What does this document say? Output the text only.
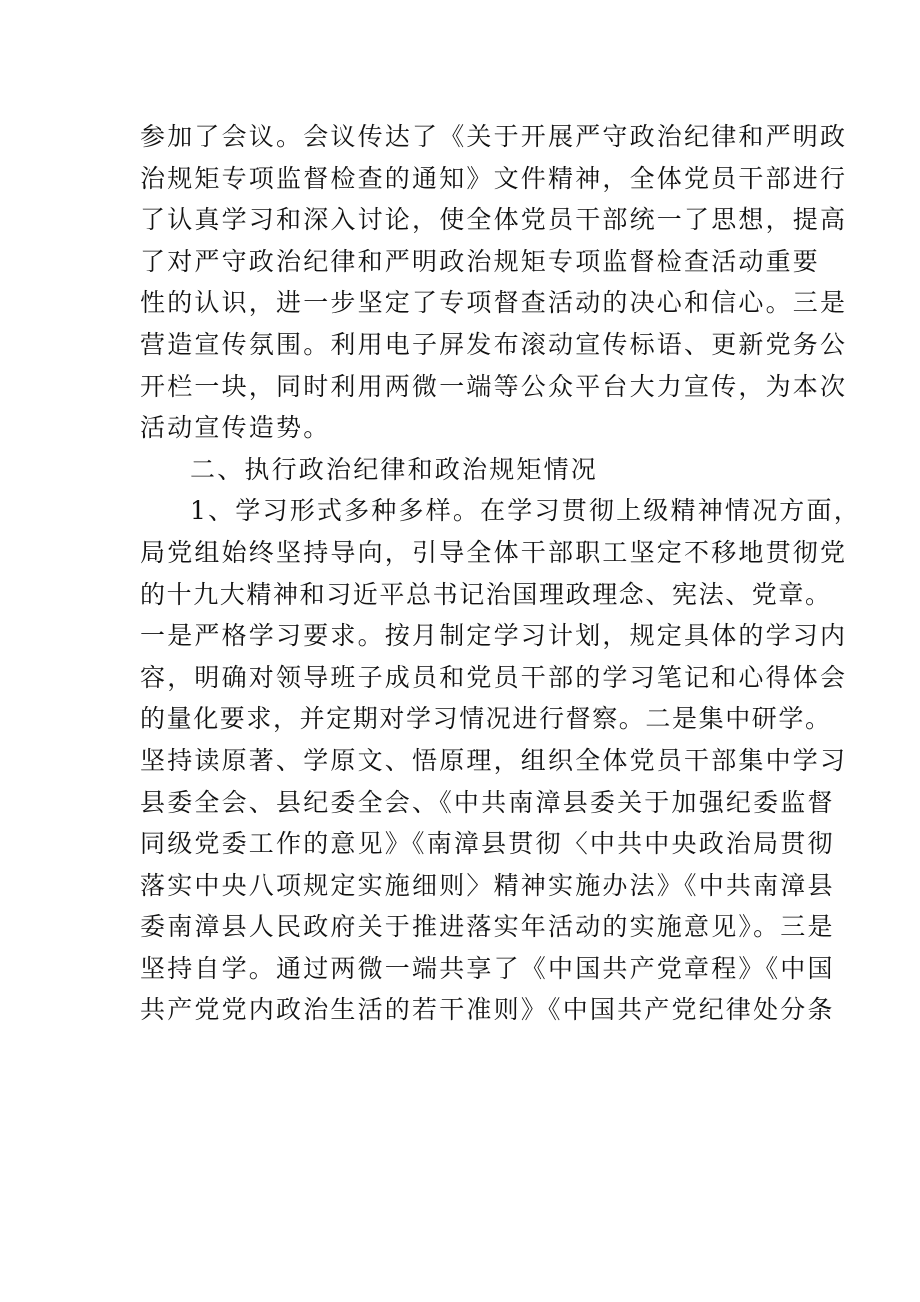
参加了会议。会议传达了《关于开展严守政治纪律和严明政
治规矩专项监督检查的通知》文件精神，全体党员干部进行
了认真学习和深入讨论，使全体党员干部统一了思想，提高
了对严守政治纪律和严明政治规矩专项监督检查活动重要
性的认识，进一步坚定了专项督查活动的决心和信心。三是
营造宣传氛围。利用电子屏发布滚动宣传标语、更新党务公
开栏一块，同时利用两微一端等公众平台大力宣传，为本次
活动宣传造势。
二、执行政治纪律和政治规矩情况
1、学习形式多种多样。在学习贯彻上级精神情况方面，
局党组始终坚持导向，引导全体干部职工坚定不移地贯彻党
的十九大精神和习近平总书记治国理政理念、宪法、党章。
一是严格学习要求。按月制定学习计划，规定具体的学习内
容，明确对领导班子成员和党员干部的学习笔记和心得体会
的量化要求，并定期对学习情况进行督察。二是集中研学。
坚持读原著、学原文、悟原理，组织全体党员干部集中学习
县委全会、县纪委全会、《中共南漳县委关于加强纪委监督
同级党委工作的意见》《南漳县贯彻〈中共中央政治局贯彻
落实中央八项规定实施细则〉精神实施办法》《中共南漳县
委南漳县人民政府关于推进落实年活动的实施意见》。三是
坚持自学。通过两微一端共享了《中国共产党章程》《中国
共产党党内政治生活的若干准则》《中国共产党纪律处分条
